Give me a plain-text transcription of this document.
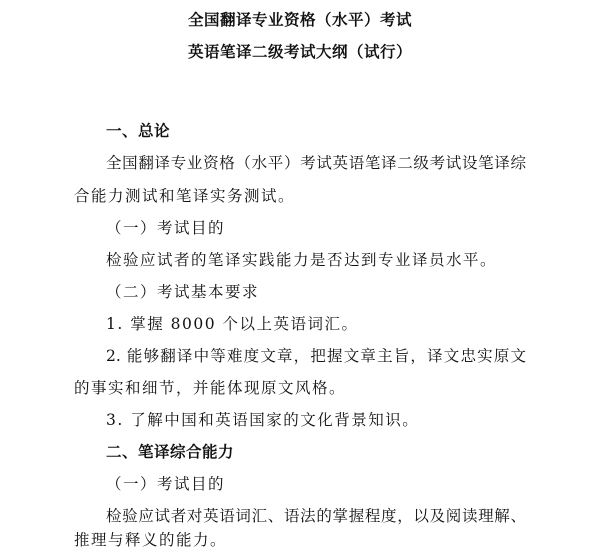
全国翻译专业资格（水平）考试
英语笔译二级考试大纲（试行）
一、总论
全国翻译专业资格（水平）考试英语笔译二级考试设笔译综
合能力测试和笔译实务测试。
（一）考试目的
检验应试者的笔译实践能力是否达到专业译员水平。
（二）考试基本要求
1. 掌握 8000 个以上英语词汇。
2. 能够翻译中等难度文章，把握文章主旨，译文忠实原文
的事实和细节，并能体现原文风格。
3. 了解中国和英语国家的文化背景知识。
二、笔译综合能力
（一）考试目的
检验应试者对英语词汇、语法的掌握程度，以及阅读理解、
推理与释义的能力。
